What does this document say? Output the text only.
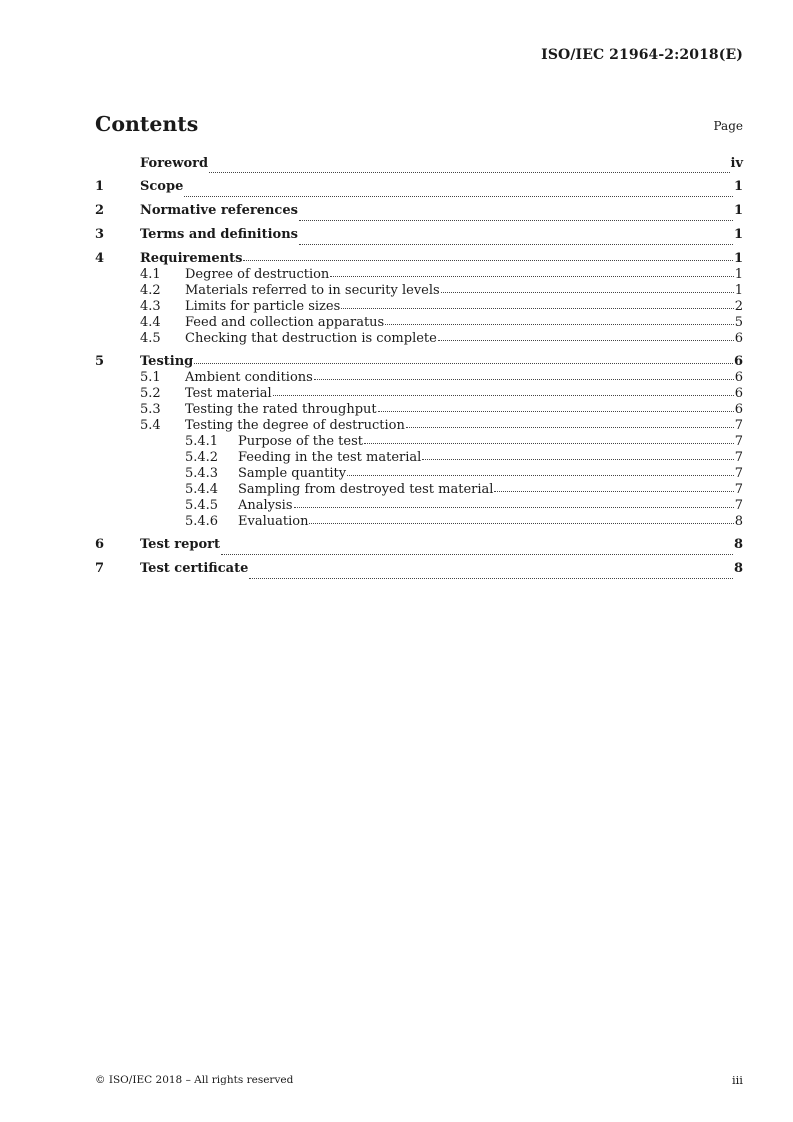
ISO/IEC 21964-2:2018(E)
Contents	Page
Foreword	iv
1	Scope	1
2	Normative references	1
3	Terms and definitions	1
4	Requirements	1
4.1	Degree of destruction	1
4.2	Materials referred to in security levels	1
4.3	Limits for particle sizes	2
4.4	Feed and collection apparatus	5
4.5	Checking that destruction is complete	6
5	Testing	6
5.1	Ambient conditions	6
5.2	Test material	6
5.3	Testing the rated throughput	6
5.4	Testing the degree of destruction	7
5.4.1	Purpose of the test	7
5.4.2	Feeding in the test material	7
5.4.3	Sample quantity	7
5.4.4	Sampling from destroyed test material	7
5.4.5	Analysis	7
5.4.6	Evaluation	8
6	Test report	8
7	Test certificate	8
© ISO/IEC 2018 – All rights reserved	iii
